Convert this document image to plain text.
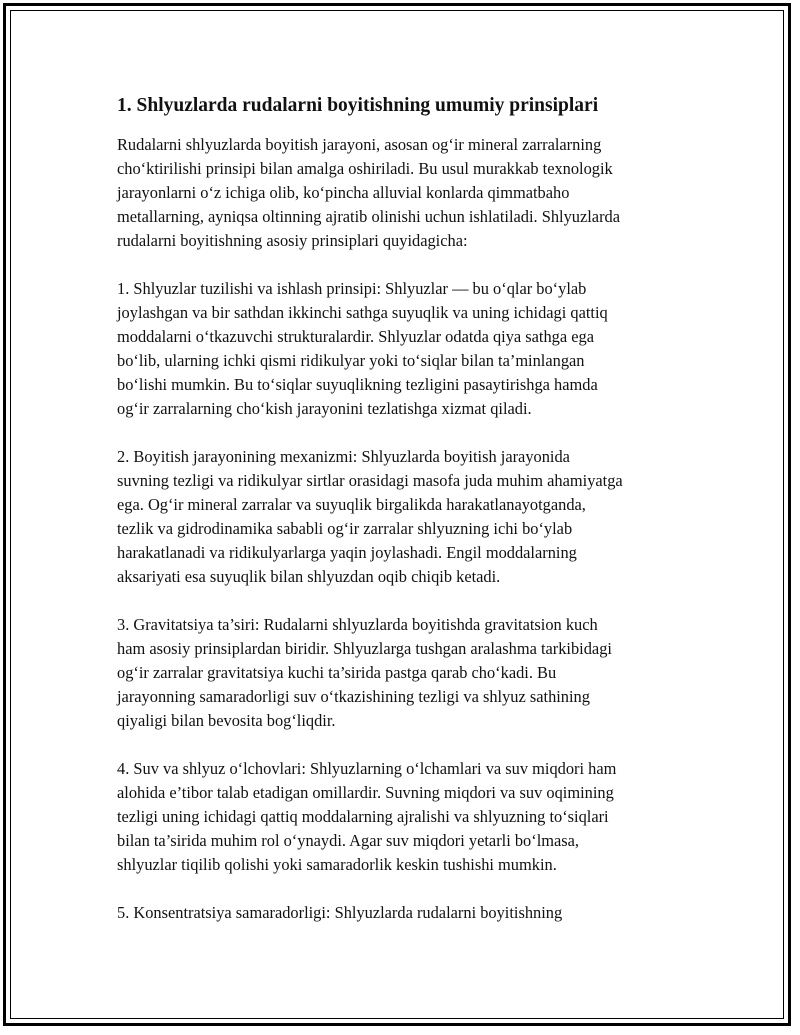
1. Shlyuzlarda rudalarni boyitishning umumiy prinsiplari

Rudalarni shlyuzlarda boyitish jarayoni, asosan og‘ir mineral zarralarning
cho‘ktirilishi prinsipi bilan amalga oshiriladi. Bu usul murakkab texnologik
jarayonlarni o‘z ichiga olib, ko‘pincha alluvial konlarda qimmatbaho
metallarning, ayniqsa oltinning ajratib olinishi uchun ishlatiladi. Shlyuzlarda
rudalarni boyitishning asosiy prinsiplari quyidagicha:

1. Shlyuzlar tuzilishi va ishlash prinsipi: Shlyuzlar — bu o‘qlar bo‘ylab
joylashgan va bir sathdan ikkinchi sathga suyuqlik va uning ichidagi qattiq
moddalarni o‘tkazuvchi strukturalardir. Shlyuzlar odatda qiya sathga ega
bo‘lib, ularning ichki qismi ridikulyar yoki to‘siqlar bilan ta’minlangan
bo‘lishi mumkin. Bu to‘siqlar suyuqlikning tezligini pasaytirishga hamda
og‘ir zarralarning cho‘kish jarayonini tezlatishga xizmat qiladi.

2. Boyitish jarayonining mexanizmi: Shlyuzlarda boyitish jarayonida
suvning tezligi va ridikulyar sirtlar orasidagi masofa juda muhim ahamiyatga
ega. Og‘ir mineral zarralar va suyuqlik birgalikda harakatlanayotganda,
tezlik va gidrodinamika sababli og‘ir zarralar shlyuzning ichi bo‘ylab
harakatlanadi va ridikulyarlarga yaqin joylashadi. Engil moddalarning
aksariyati esa suyuqlik bilan shlyuzdan oqib chiqib ketadi.

3. Gravitatsiya ta’siri: Rudalarni shlyuzlarda boyitishda gravitatsion kuch
ham asosiy prinsiplardan biridir. Shlyuzlarga tushgan aralashma tarkibidagi
og‘ir zarralar gravitatsiya kuchi ta’sirida pastga qarab cho‘kadi. Bu
jarayonning samaradorligi suv o‘tkazishining tezligi va shlyuz sathining
qiyaligi bilan bevosita bog‘liqdir.

4. Suv va shlyuz o‘lchovlari: Shlyuzlarning o‘lchamlari va suv miqdori ham
alohida e’tibor talab etadigan omillardir. Suvning miqdori va suv oqimining
tezligi uning ichidagi qattiq moddalarning ajralishi va shlyuzning to‘siqlari
bilan ta’sirida muhim rol o‘ynaydi. Agar suv miqdori yetarli bo‘lmasa,
shlyuzlar tiqilib qolishi yoki samaradorlik keskin tushishi mumkin.

5. Konsentratsiya samaradorligi: Shlyuzlarda rudalarni boyitishning
